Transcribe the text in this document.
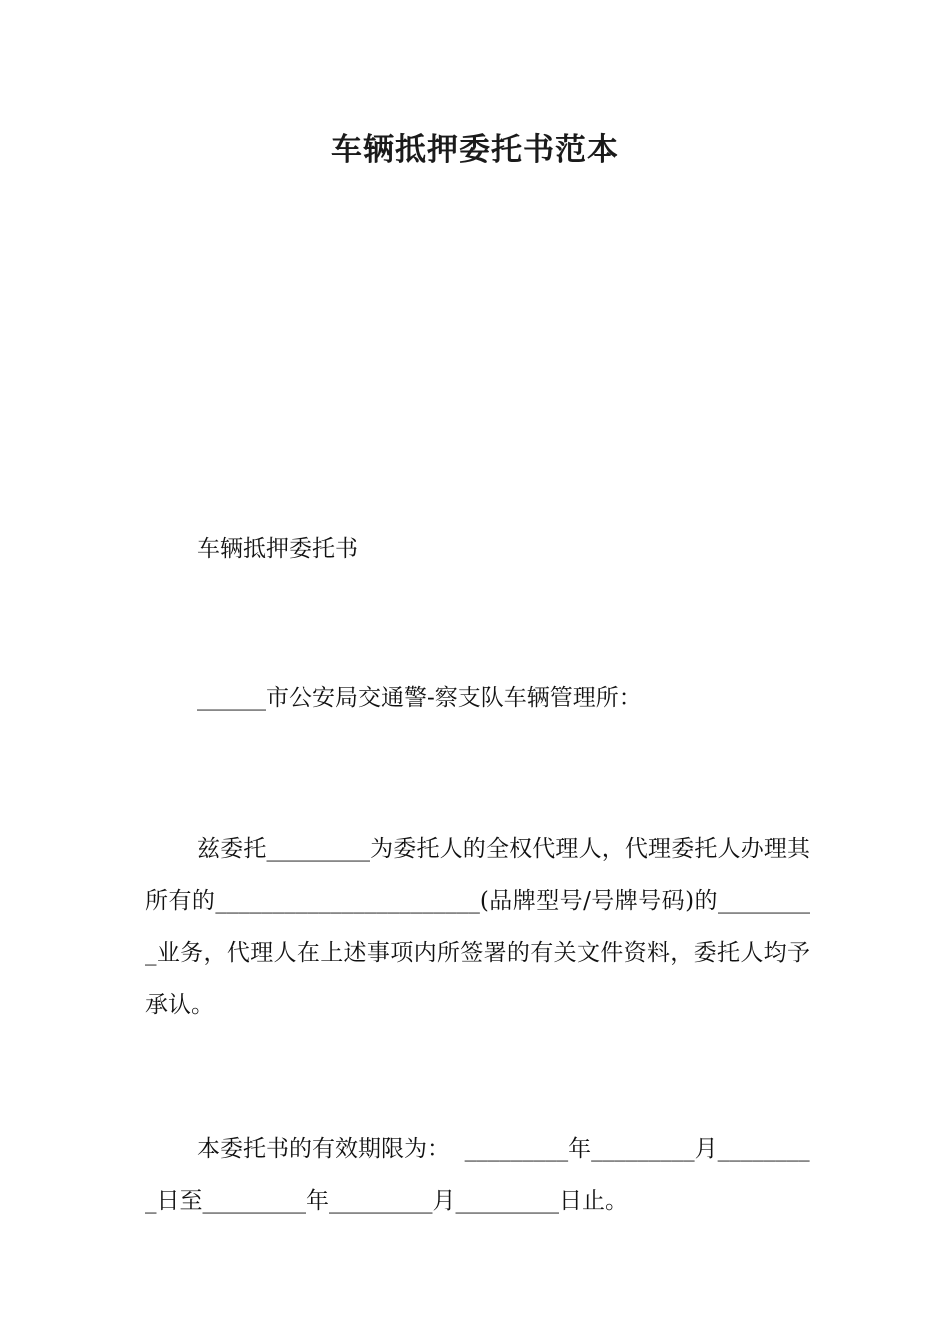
车辆抵押委托书范本

车辆抵押委托书

______市公安局交通警-察支队车辆管理所：

兹委托_________为委托人的全权代理人，代理委托人办理其所有的_______________________(品牌型号/号牌号码)的_________业务，代理人在上述事项内所签署的有关文件资料，委托人均予承认。

本委托书的有效期限为： _________年_________月_________日至_________年_________月_________日止。
